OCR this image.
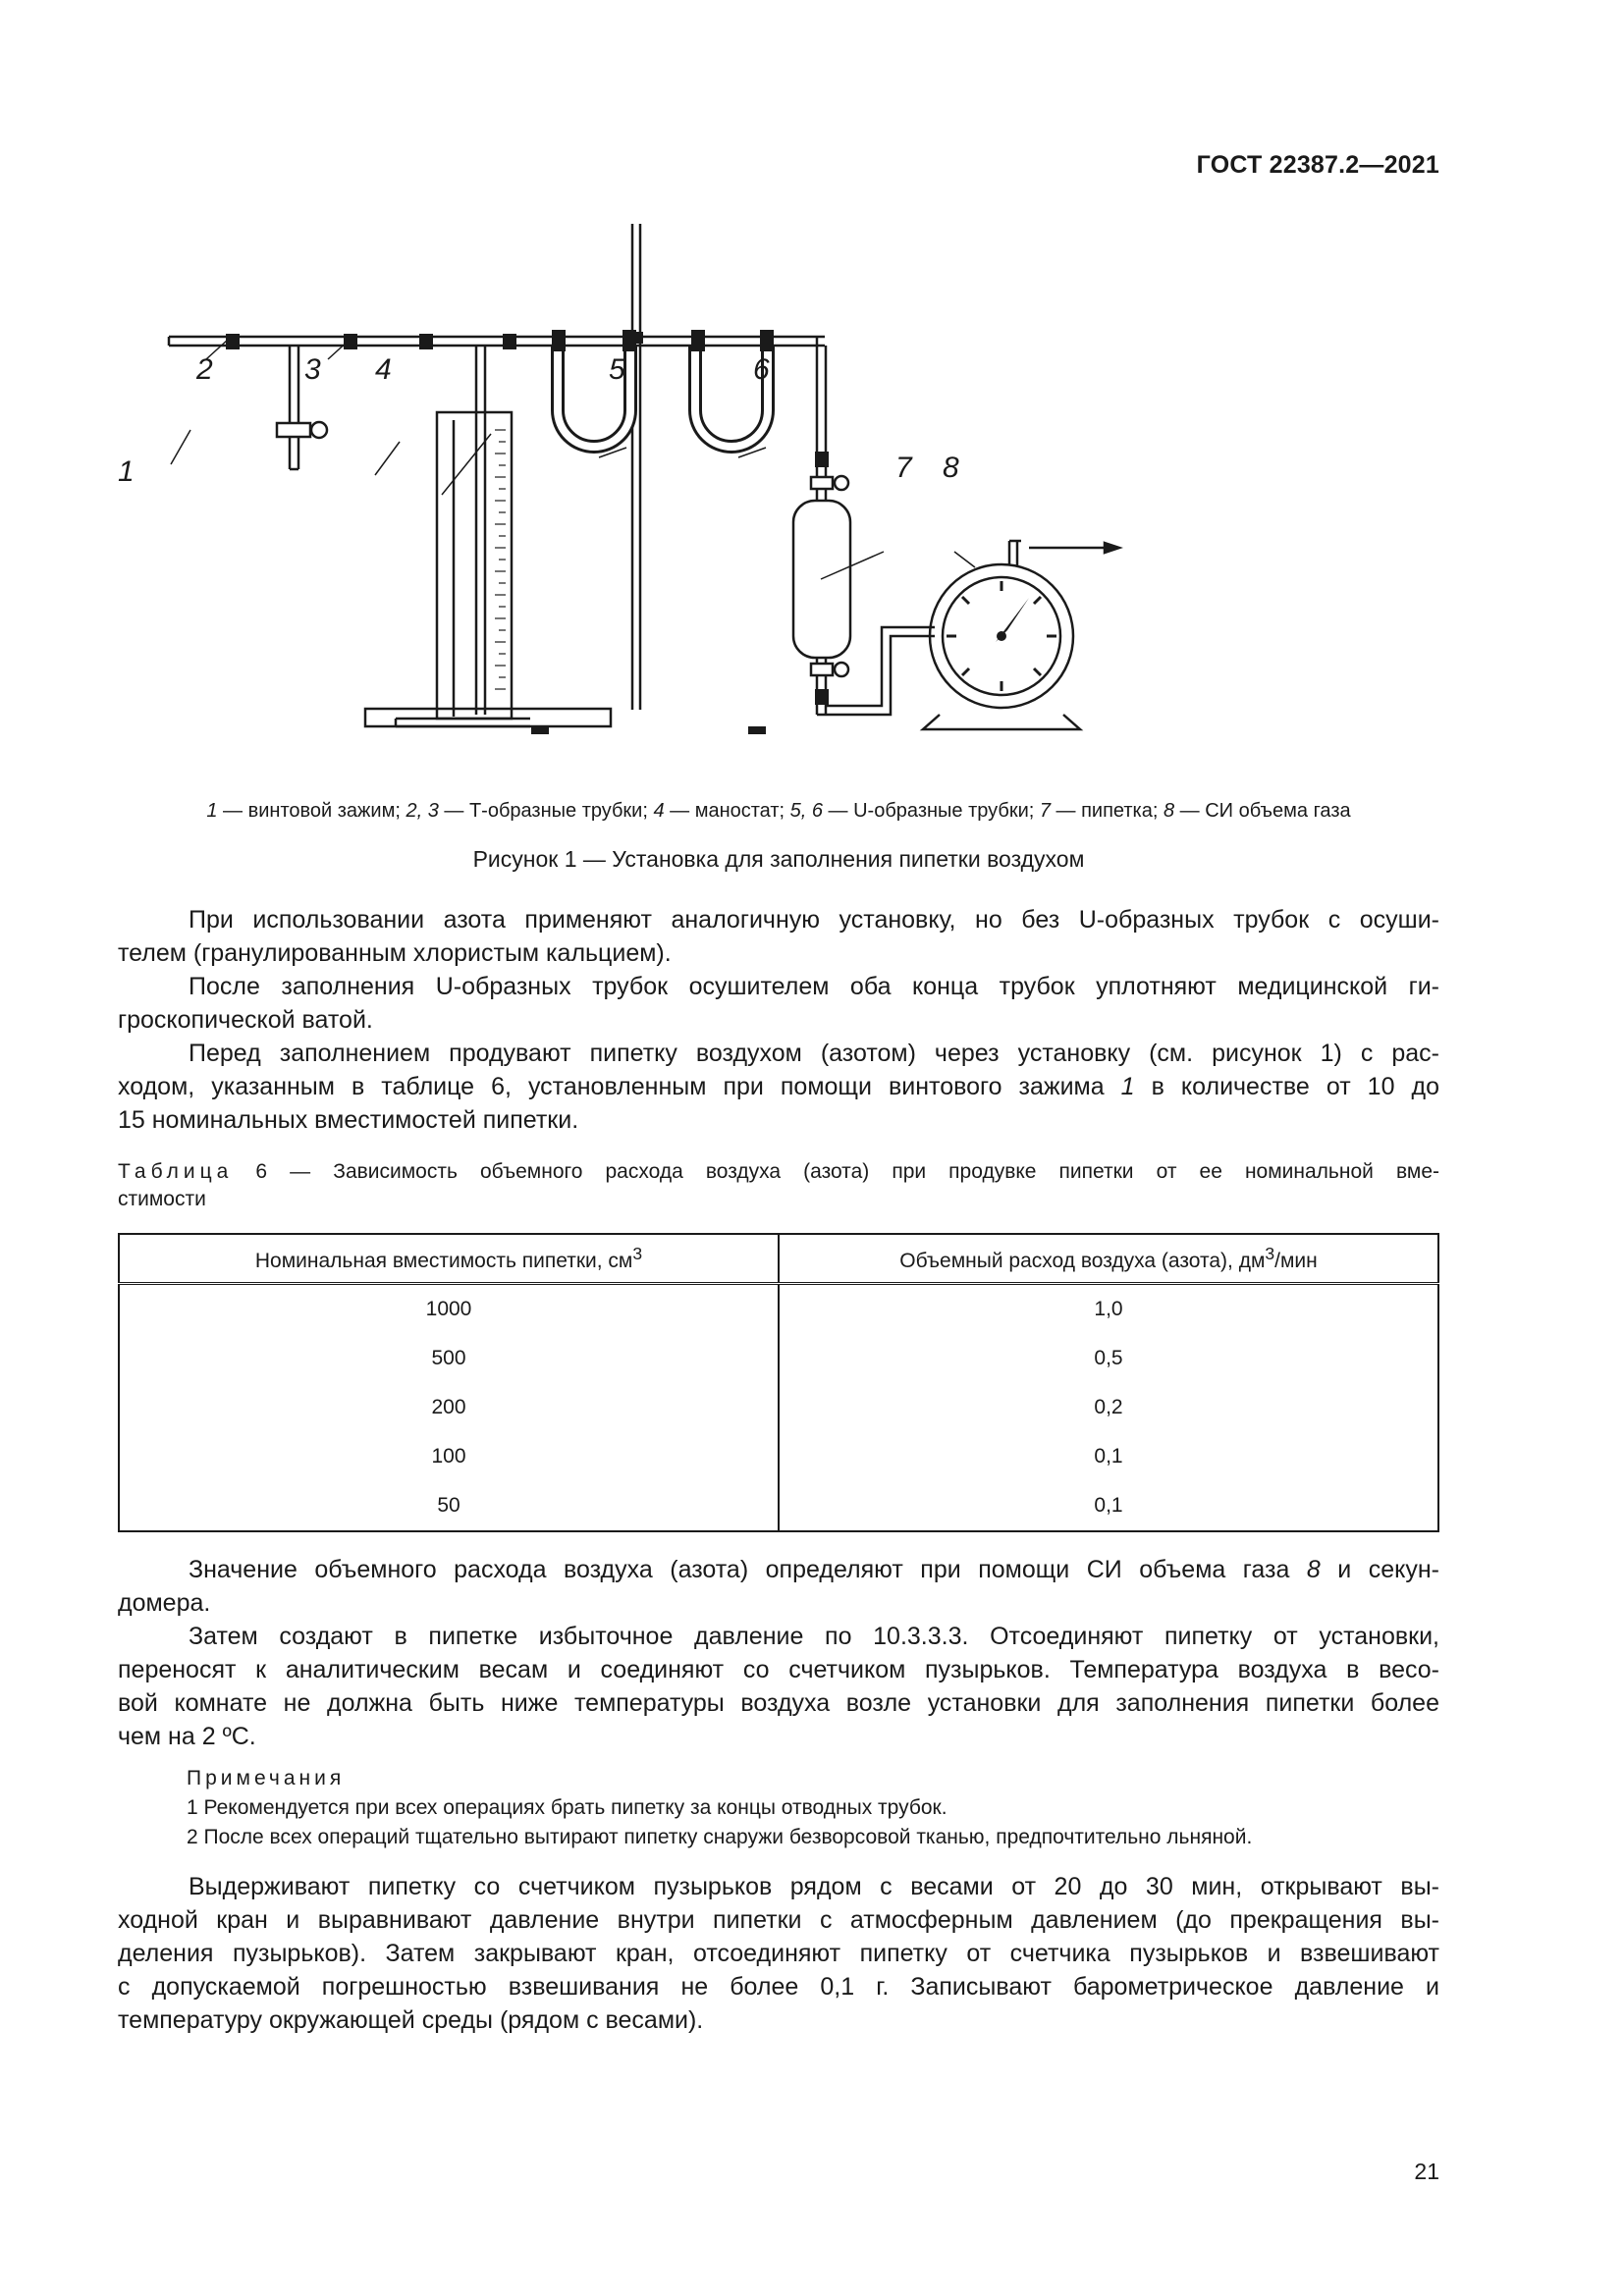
ГОСТ 22387.2—2021
1
2	3 4	5	6
7 8
1 — винтовой зажим; 2, 3 — Т-образные трубки; 4 — маностат; 5, 6 — U-образные трубки; 7 — пипетка; 8 — СИ объема газа
Рисунок 1 — Установка для заполнения пипетки воздухом
При использовании азота применяют аналогичную установку, но без U-образных трубок с осуши-
телем (гранулированным хлористым кальцием).
После заполнения U-образных трубок осушителем оба конца трубок уплотняют медицинской ги-
гроскопической ватой.
Перед заполнением продувают пипетку воздухом (азотом) через установку (см. рисунок 1) с рас-
ходом, указанным в таблице 6, установленным при помощи винтового зажима 1 в количестве от 10 до
15 номинальных вместимостей пипетки.
Таблица 6 — Зависимость объемного расхода воздуха (азота) при продувке пипетки от ее номинальной вме-
стимости
Номинальная вместимость пипетки, $см^3$	Объемный расход воздуха (азота), $дм^3$/мин
1000	1,0
500	0,5
200	0,2
100	0,1
50	0,1
Значение объемного расхода воздуха (азота) определяют при помощи СИ объема газа 8 и секун-
домера.
Затем создают в пипетке избыточное давление по 10.3.3.3. Отсоединяют пипетку от установки,
переносят к аналитическим весам и соединяют со счетчиком пузырьков. Температура воздуха в весо-
вой комнате не должна быть ниже температуры воздуха возле установки для заполнения пипетки более
чем на 2 ºС.
Примечания
1 Рекомендуется при всех операциях брать пипетку за концы отводных трубок.
2 После всех операций тщательно вытирают пипетку снаружи безворсовой тканью, предпочтительно льняной.
Выдерживают пипетку со счетчиком пузырьков рядом с весами от 20 до 30 мин, открывают вы-
ходной кран и выравнивают давление внутри пипетки с атмосферным давлением (до прекращения вы-
деления пузырьков). Затем закрывают кран, отсоединяют пипетку от счетчика пузырьков и взвешивают
с допускаемой погрешностью взвешивания не более 0,1 г. Записывают барометрическое давление и
температуру окружающей среды (рядом с весами).
21
